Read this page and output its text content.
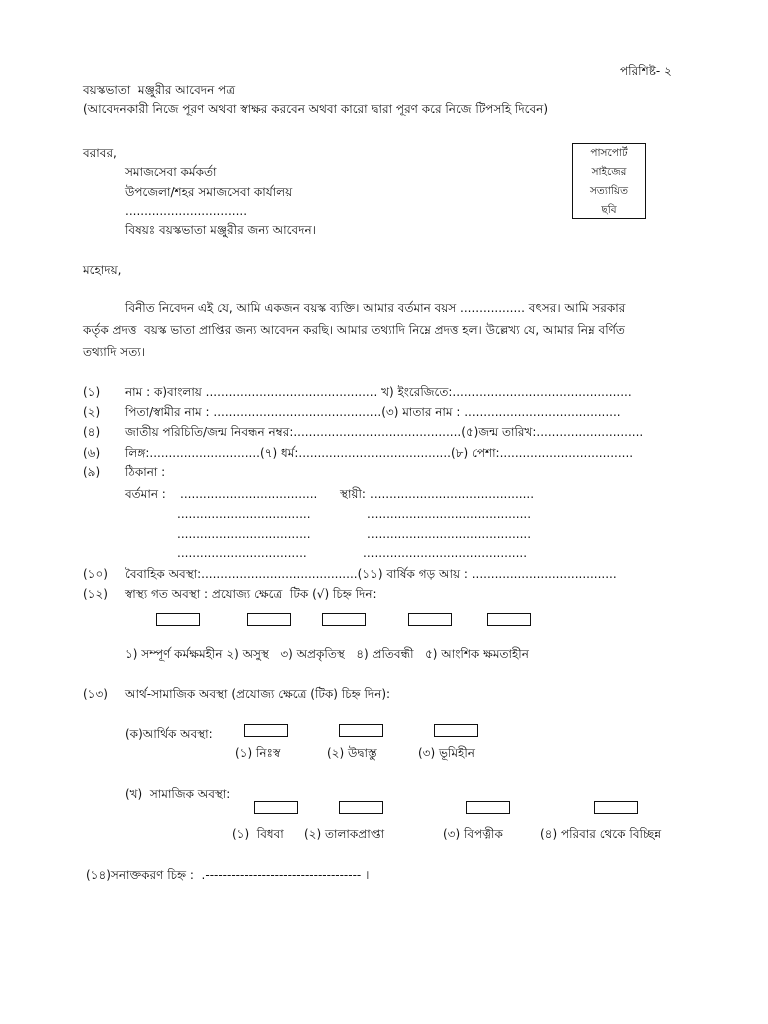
পরিশিষ্ট- ২
বয়স্কভাতা  মঞ্জুরীর আবেদন পত্র
(আবেদনকারী নিজে পূরণ অথবা স্বাক্ষর করবেন অথবা কারো দ্বারা পূরণ করে নিজে টিপসহি দিবেন)
পাসপোর্ট
সাইজের
সত্যায়িত
ছবি
বরাবর,
সমাজসেবা কর্মকর্তা
উপজেলা/শহর সমাজসেবা কার্যালয়
................................
বিষয়ঃ বয়স্কভাতা মঞ্জুরীর জন্য আবেদন।
মহোদয়,
বিনীত নিবেদন এই যে, আমি একজন বয়স্ক ব্যক্তি। আমার বর্তমান বয়স ................. বৎসর। আমি সরকার
কর্তৃক প্রদত্ত  বয়স্ক ভাতা প্রাপ্তির জন্য আবেদন করছি। আমার তথ্যাদি নিম্নে প্রদত্ত হল। উল্লেখ্য যে, আমার নিম্ন বর্ণিত
তথ্যাদি সত্য।
(১) নাম : ক)বাংলায় ............................................. খ) ইংরেজিতে:...............................................
(২) পিতা/স্বামীর নাম : ............................................(৩) মাতার নাম : .........................................
(৪) জাতীয় পরিচিতি/জন্ম নিবন্ধন নম্বর:............................................(৫)জন্ম তারিখ:............................
(৬) লিঙ্গ:.............................(৭) ধর্ম:........................................(৮) পেশা:...................................
(৯) ঠিকানা :
বর্তমান : .................................... স্থায়ী: ...........................................
...................................	...........................................
...................................	...........................................
..................................	...........................................
(১০) বৈবাহিক অবস্থা:.........................................(১১) বার্ষিক গড় আয় : ......................................
(১২) স্বাস্থ্য গত অবস্থা : প্রযোজ্য ক্ষেত্রে  টিক (√) চিহ্ন দিন:
১) সম্পূর্ণ কর্মক্ষমহীন ২) অসুস্থ   ৩) অপ্রকৃতিস্থ   ৪) প্রতিবন্ধী   ৫) আংশিক ক্ষমতাহীন
(১৩) আর্থ-সামাজিক অবস্থা (প্রযোজ্য ক্ষেত্রে (টিক) চিহ্ন দিন):
(ক)আর্থিক অবস্থা:
(১) নিঃস্ব	(২) উদ্বাস্তু	(৩) ভূমিহীন
(খ)  সামাজিক অবস্থা:
(১)  বিধবা (২) তালাকপ্রাপ্তা	(৩) বিপত্নীক	(৪) পরিবার থেকে বিচ্ছিন্ন
(১৪)সনাক্তকরণ চিহ্ন :  .------------------------------------ ।
